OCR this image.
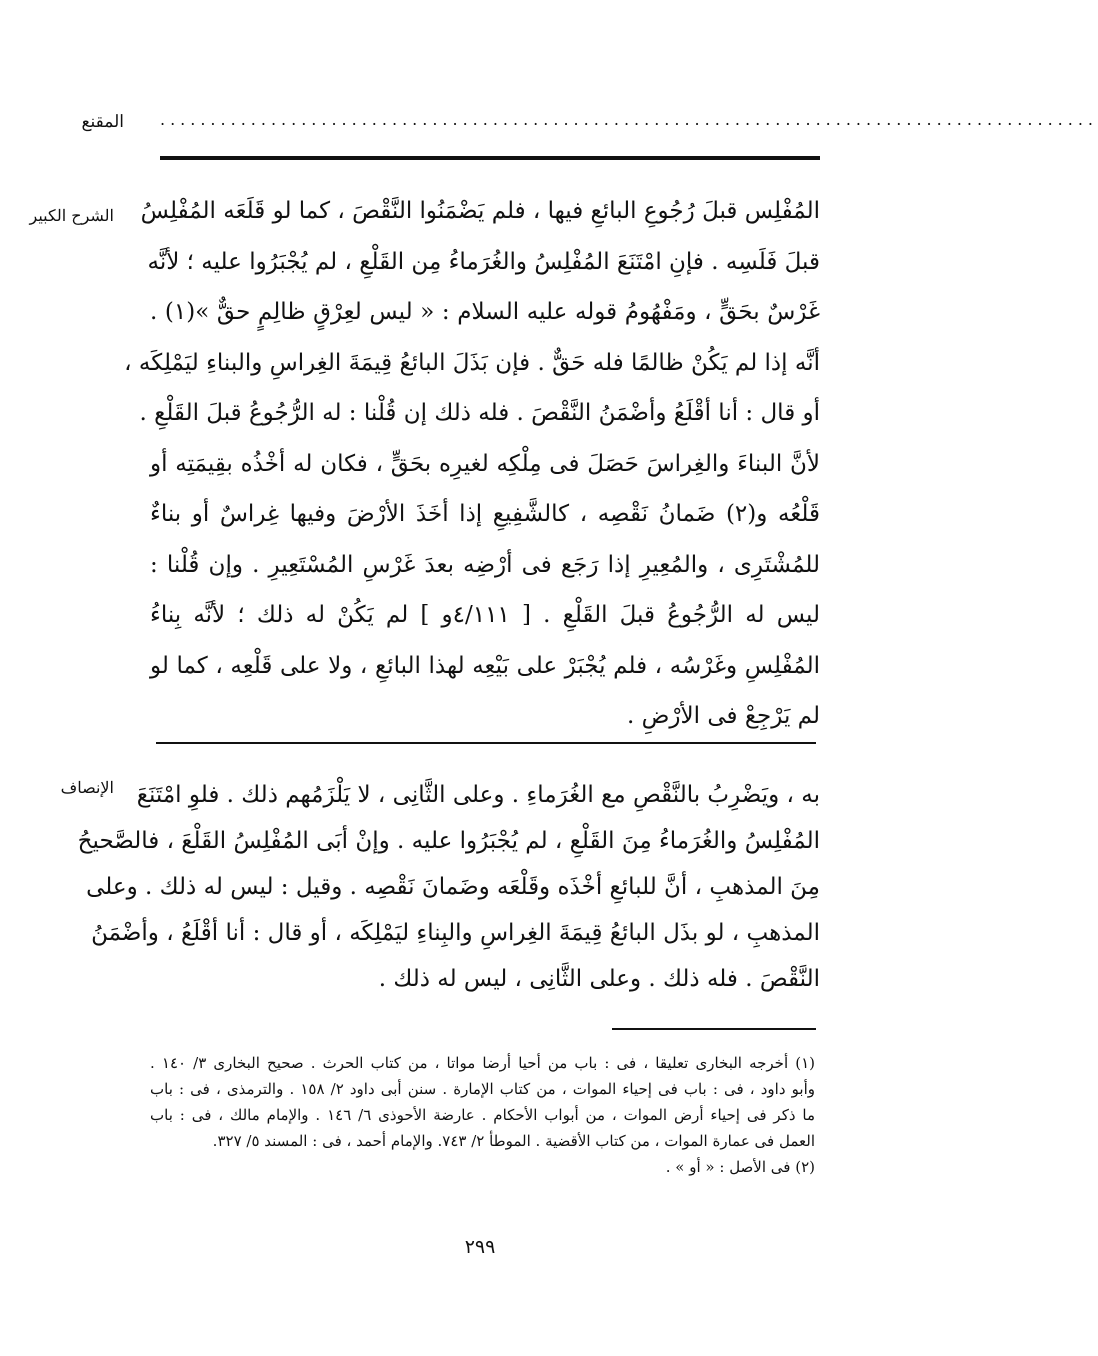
المقنع .............................................................................................
الشرح الكبير المُفْلِس قبلَ رُجُوعِ البائعِ فيها ، فلم يَضْمَنُوا النَّقْصَ ، كما لو قَلَعَه المُفْلِسُ
قبلَ فَلَسِه . فإنِ امْتَنَعَ المُفْلِسُ والغُرَماءُ مِن القَلْعِ ، لم يُجْبَرُوا عليه ؛ لأنَّه
غَرْسٌ بحَقٍّ ، ومَفْهُومُ قوله عليه السلام : « ليس لعِرْقٍ ظالِمٍ حقٌّ »(١) .
أنَّه إذا لم يَكُنْ ظالمًا فله حَقٌّ . فإن بَذَلَ البائعُ قِيمَةَ الغِراسِ والبناءِ ليَمْلِكَه ،
أو قال : أنا أقْلَعُ وأضْمَنُ النَّقْصَ . فله ذلك إن قُلْنا : له الرُّجُوعُ قبلَ القَلْعِ .
لأنَّ البناءَ والغِراسَ حَصَلَ فى مِلْكِه لغيرِه بحَقٍّ ، فكان له أخْذُه بقِيمَتِه أو
قَلْعُه و(٢) ضَمانُ نَقْصِه ، كالشَّفِيعِ إذا أخَذَ الأرْضَ وفيها غِراسٌ أو بناءٌ
للمُشْتَرِى ، والمُعِيرِ إذا رَجَع فى أرْضِه بعدَ غَرْسِ المُسْتَعِيرِ . وإن قُلْنا :
ليس له الرُّجُوعُ قبلَ القَلْعِ . [ ٤/١١١و ] لم يَكُنْ له ذلك ؛ لأنَّه بِناءُ
المُفْلِسِ وغَرْسُه ، فلم يُجْبَرْ على بَيْعِه لهذا البائعِ ، ولا على قَلْعِه ، كما لو
لم يَرْجِعْ فى الأرْضِ .
الإنصاف به ، ويَضْرِبُ بالنَّقْصِ مع الغُرَماءِ . وعلى الثَّانِى ، لا يَلْزَمُهم ذلك . فلوِ امْتَنَعَ
المُفْلِسُ والغُرَماءُ مِنَ القَلْعِ ، لم يُجْبَرُوا عليه . وإنْ أبَى المُفْلِسُ القَلْعَ ، فالصَّحيحُ
مِنَ المذهبِ ، أنَّ للبائعِ أخْذَه وقَلْعَه وضَمانَ نَقْصِه . وقيل : ليس له ذلك . وعلى
المذهبِ ، لو بذَل البائعُ قِيمَةَ الغِراسِ والبِناءِ ليَمْلِكَه ، أو قال : أنا أقْلَعُ ، وأضْمَنُ
النَّقْصَ . فله ذلك . وعلى الثَّانِى ، ليس له ذلك .
(١) أخرجه البخارى تعليقا ، فى : باب من أحيا أرضا مواتا ، من كتاب الحرث . صحيح البخارى ٣/ ١٤٠ .
وأبو داود ، فى : باب فى إحياء الموات ، من كتاب الإمارة . سنن أبى داود ٢/ ١٥٨ . والترمذى ، فى : باب
ما ذكر فى إحياء أرض الموات ، من أبواب الأحكام . عارضة الأحوذى ٦/ ١٤٦ . والإمام مالك ، فى : باب
العمل فى عمارة الموات ، من كتاب الأقضية . الموطأ ٢/ ٧٤٣. والإمام أحمد ، فى : المسند ٥/ ٣٢٧.
(٢) فى الأصل : « أو » .
٢٩٩
